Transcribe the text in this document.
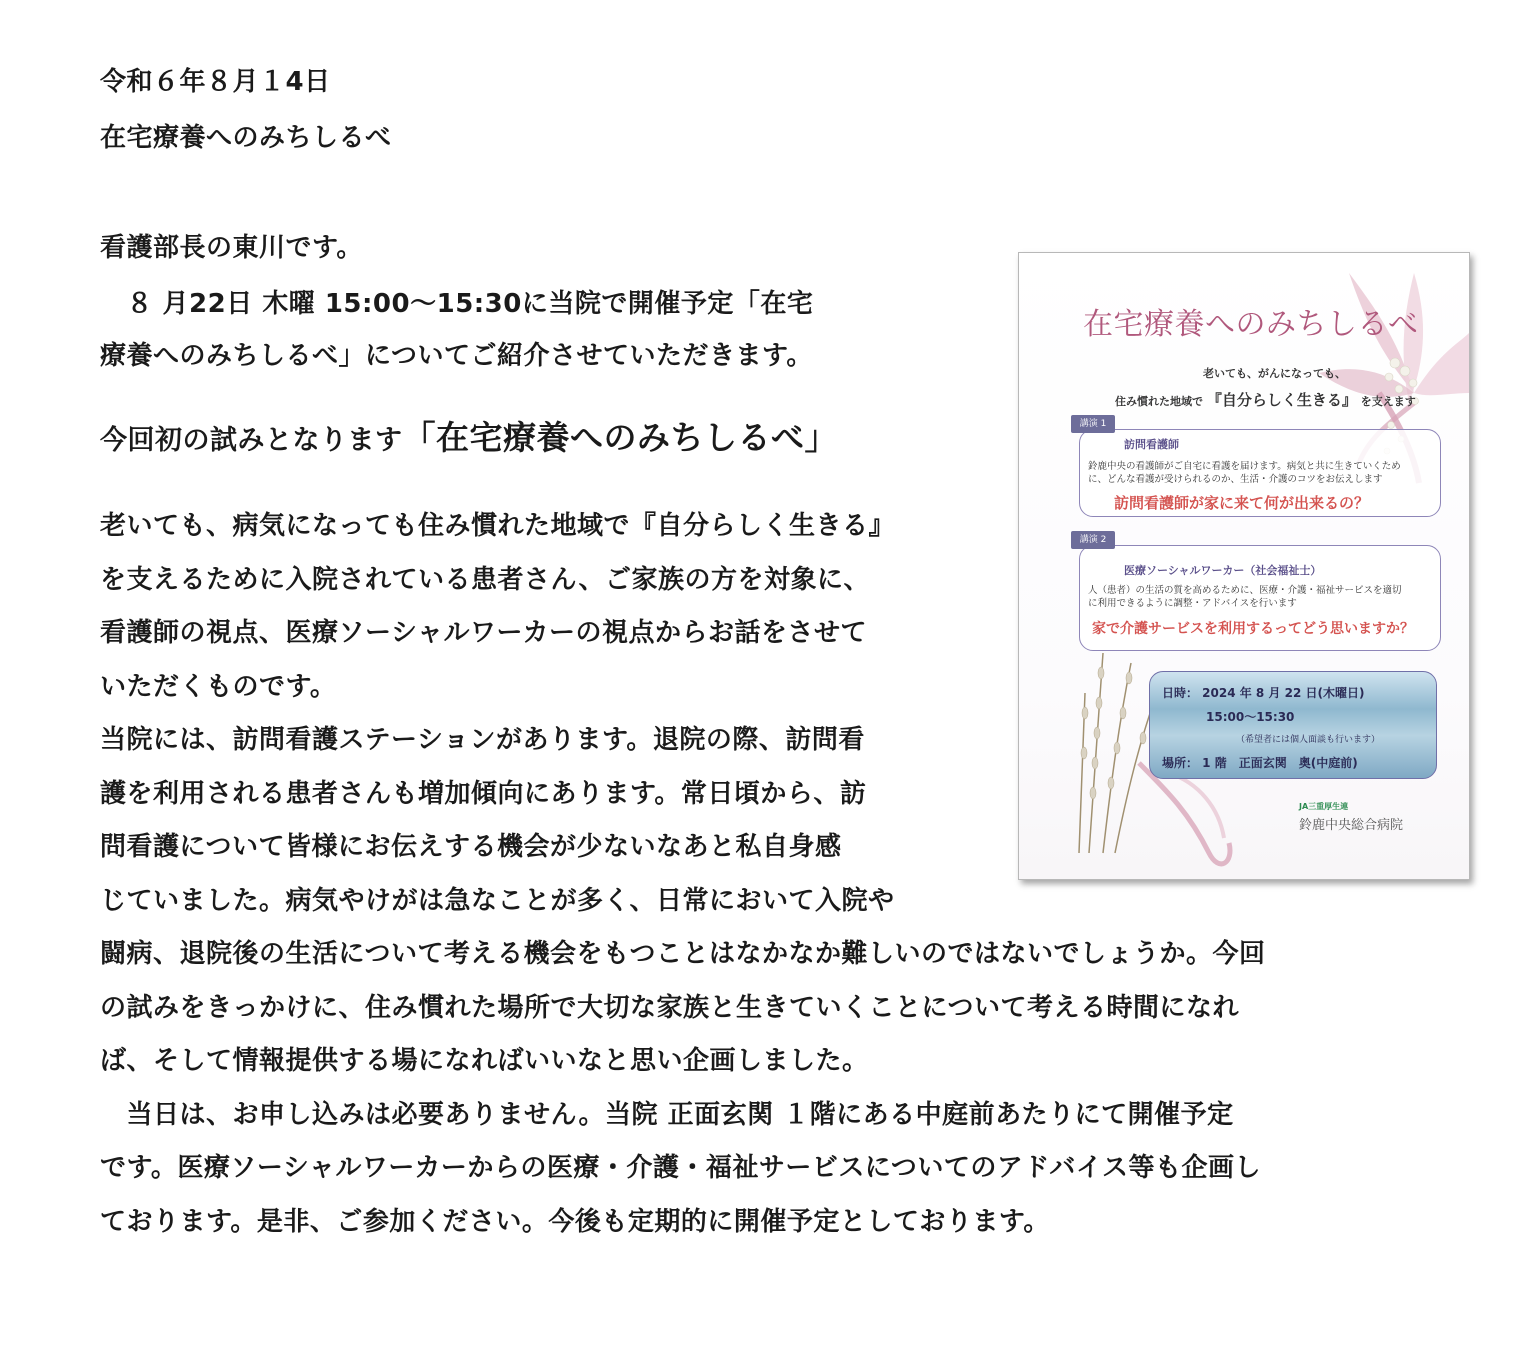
令和６年８月１4日
在宅療養へのみちしるべ
看護部長の東川です。
　８ 月22日 木曜 15:00～15:30に当院で開催予定「在宅
療養へのみちしるべ」についてご紹介させていただきます。
今回初の試みとなります「在宅療養へのみちしるべ」
老いても、病気になっても住み慣れた地域で『自分らしく生きる』
を支えるために入院されている患者さん、ご家族の方を対象に、
看護師の視点、医療ソーシャルワーカーの視点からお話をさせて
いただくものです。
当院には、訪問看護ステーションがあります。退院の際、訪問看
護を利用される患者さんも増加傾向にあります。常日頃から、訪
問看護について皆様にお伝えする機会が少ないなあと私自身感
じていました。病気やけがは急なことが多く、日常において入院や
闘病、退院後の生活について考える機会をもつことはなかなか難しいのではないでしょうか。今回
の試みをきっかけに、住み慣れた場所で大切な家族と生きていくことについて考える時間になれ
ば、そして情報提供する場になればいいなと思い企画しました。
　当日は、お申し込みは必要ありません。当院 正面玄関 １階にある中庭前あたりにて開催予定
です。医療ソーシャルワーカーからの医療・介護・福祉サービスについてのアドバイス等も企画し
ております。是非、ご参加ください。今後も定期的に開催予定としております。
在宅療養へのみちしるべ
老いても、がんになっても、
住み慣れた地域で 『自分らしく生きる』 を支えます
訪問看護師
鈴鹿中央の看護師がご自宅に看護を届けます。病気と共に生きていくため
に、どんな看護が受けられるのか、生活・介護のコツをお伝えします
訪問看護師が家に来て何が出来るの？
講演 1
医療ソーシャルワーカー（社会福祉士）
人（患者）の生活の質を高めるために、医療・介護・福祉サービスを適切
に利用できるように調整・アドバイスを行います
家で介護サービスを利用するってどう思いますか？
講演 2
日時： 2024 年 8 月 22 日(木曜日)
15:00～15:30
（希望者には個人面談も行います）
場所： 1 階　正面玄関　奥(中庭前)
JA三重厚生連
鈴鹿中央総合病院
